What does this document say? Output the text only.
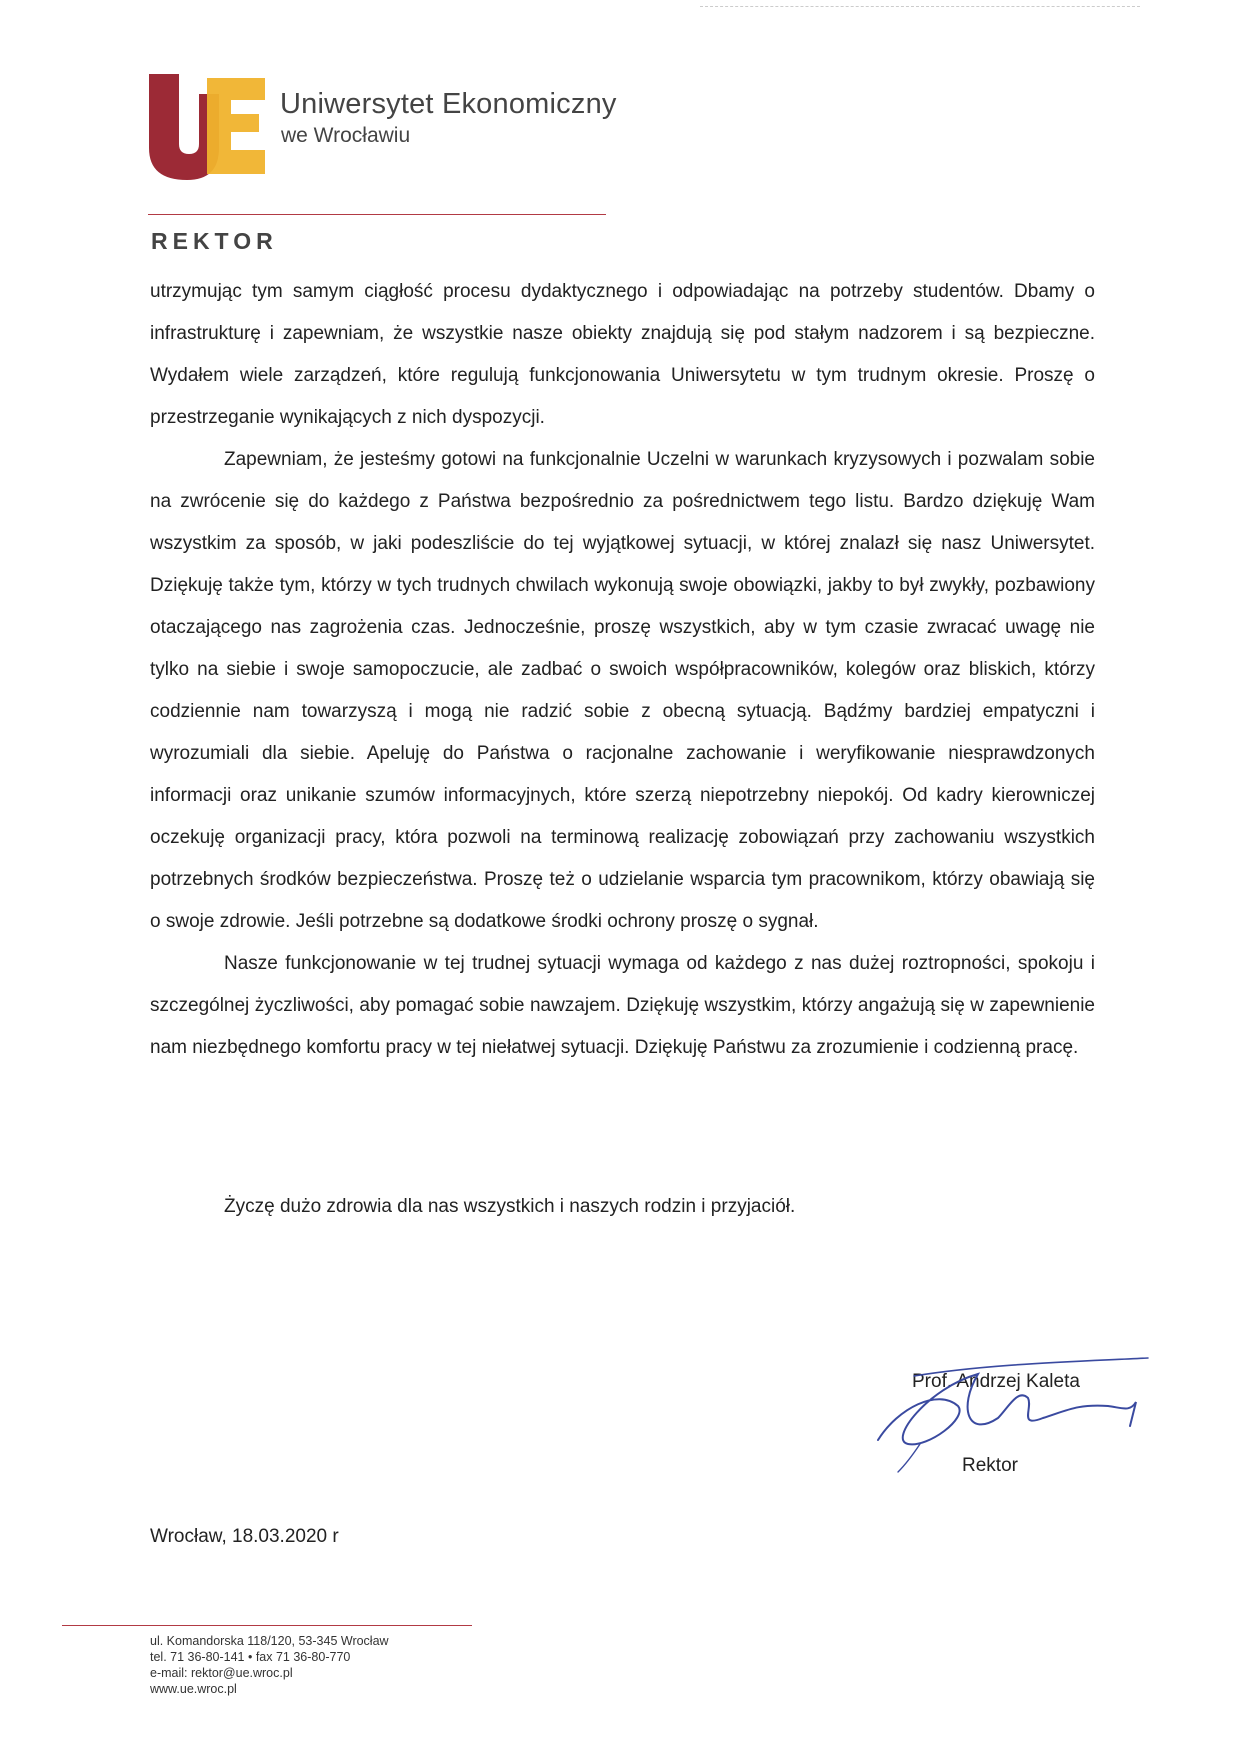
Uniwersytet Ekonomiczny
we Wrocławiu
REKTOR

utrzymując tym samym ciągłość procesu dydaktycznego i odpowiadając na potrzeby studentów. Dbamy o infrastrukturę i zapewniam, że wszystkie nasze obiekty znajdują się pod stałym nadzorem i są bezpieczne. Wydałem wiele zarządzeń, które regulują funkcjonowania Uniwersytetu w tym trudnym okresie. Proszę o przestrzeganie wynikających z nich dyspozycji.

Zapewniam, że jesteśmy gotowi na funkcjonalnie Uczelni w warunkach kryzysowych i pozwalam sobie na zwrócenie się do każdego z Państwa bezpośrednio za pośrednictwem tego listu. Bardzo dziękuję Wam wszystkim za sposób, w jaki podeszliście do tej wyjątkowej sytuacji, w której znalazł się nasz Uniwersytet. Dziękuję także tym, którzy w tych trudnych chwilach wykonują swoje obowiązki, jakby to był zwykły, pozbawiony otaczającego nas zagrożenia czas. Jednocześnie, proszę wszystkich, aby w tym czasie zwracać uwagę nie tylko na siebie i swoje samopoczucie, ale zadbać o swoich współpracowników, kolegów oraz bliskich, którzy codziennie nam towarzyszą i mogą nie radzić sobie z obecną sytuacją. Bądźmy bardziej empatyczni i wyrozumiali dla siebie. Apeluję do Państwa o racjonalne zachowanie i weryfikowanie niesprawdzonych informacji oraz unikanie szumów informacyjnych, które szerzą niepotrzebny niepokój. Od kadry kierowniczej oczekuję organizacji pracy, która pozwoli na terminową realizację zobowiązań przy zachowaniu wszystkich potrzebnych środków bezpieczeństwa. Proszę też o udzielanie wsparcia tym pracownikom, którzy obawiają się o swoje zdrowie. Jeśli potrzebne są dodatkowe środki ochrony proszę o sygnał.

Nasze funkcjonowanie w tej trudnej sytuacji wymaga od każdego z nas dużej roztropności, spokoju i szczególnej życzliwości, aby pomagać sobie nawzajem. Dziękuję wszystkim, którzy angażują się w zapewnienie nam niezbędnego komfortu pracy w tej niełatwej sytuacji. Dziękuję Państwu za zrozumienie i codzienną pracę.

Życzę dużo zdrowia dla nas wszystkich i naszych rodzin i przyjaciół.
Prof. Andrzej Kaleta
Rektor
Wrocław, 18.03.2020 r
ul. Komandorska 118/120, 53-345 Wrocław
tel. 71 36-80-141 • fax 71 36-80-770
e-mail: rektor@ue.wroc.pl
www.ue.wroc.pl
